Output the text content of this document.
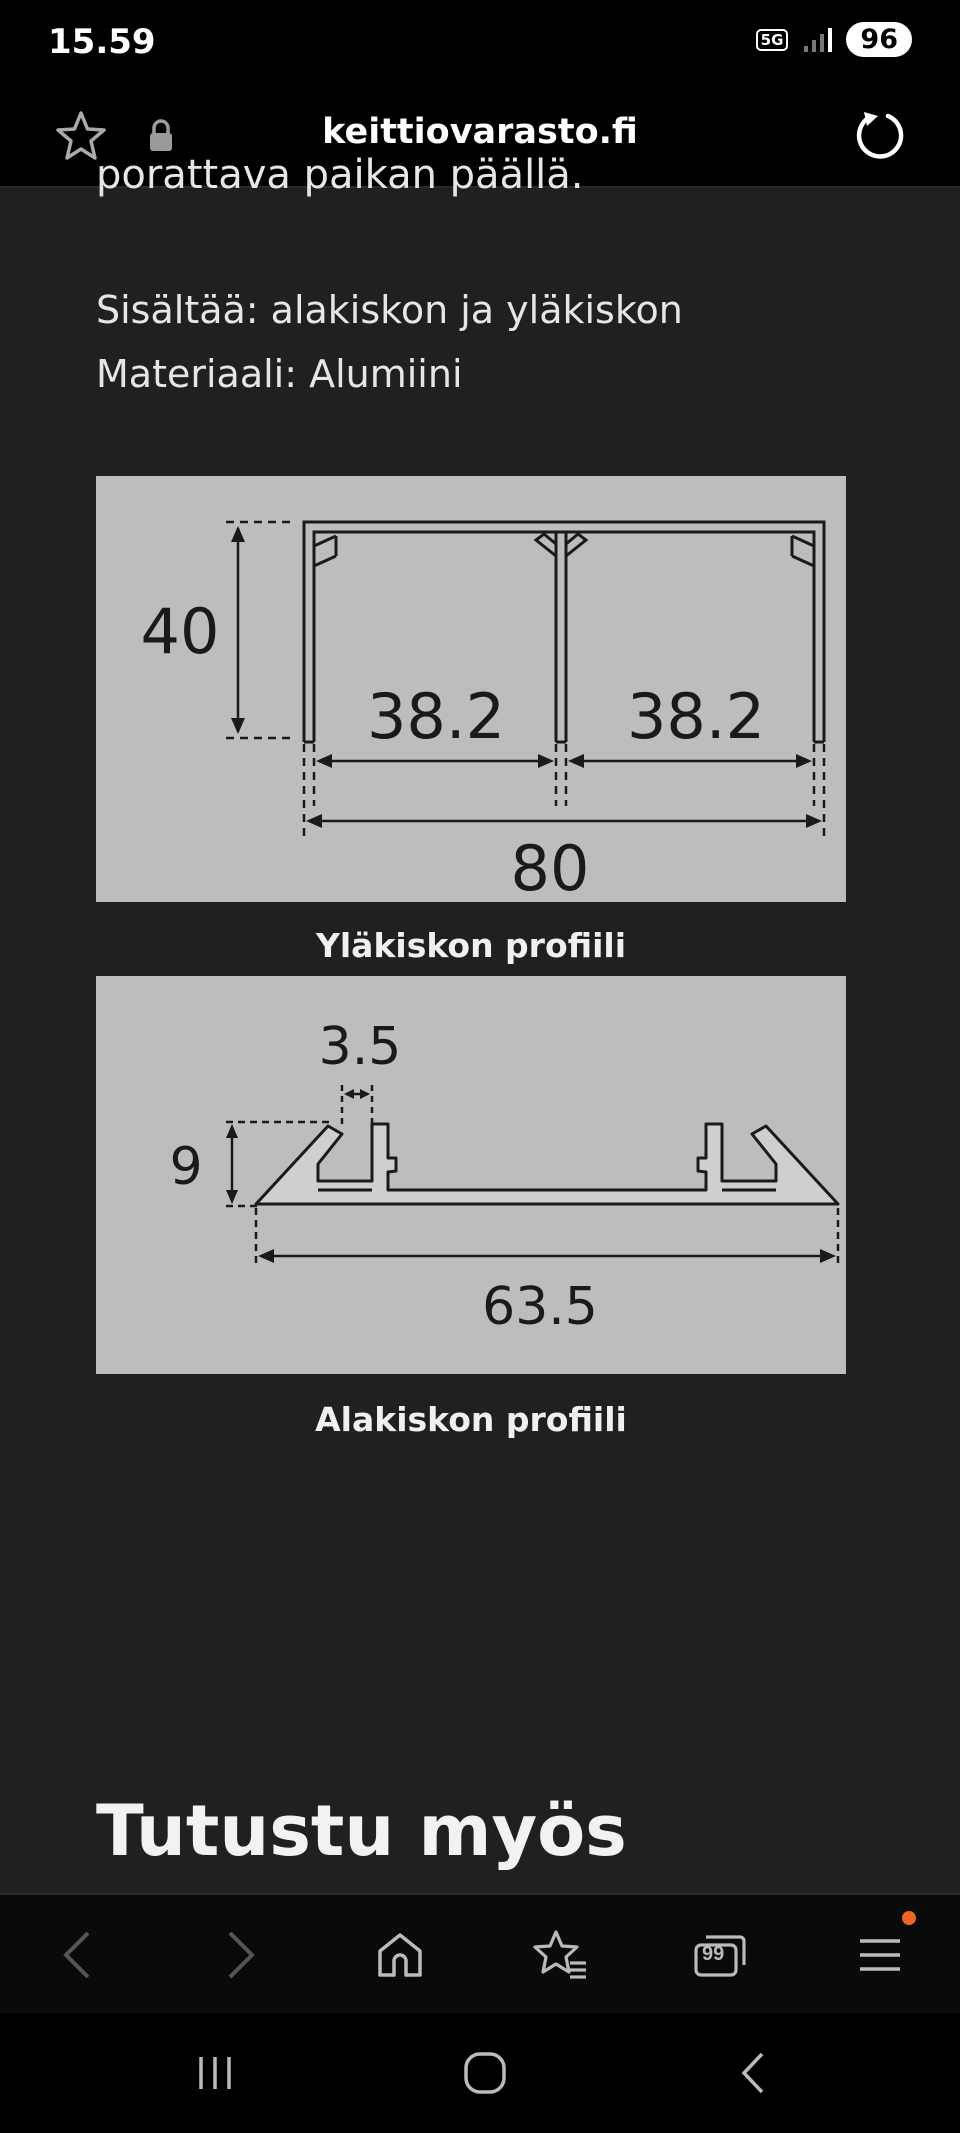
15.59	5G	96
keittiovarasto.fi
porattava paikan päällä.
Sisältää: alakiskon ja yläkiskon
Materiaali: Alumiini
40
38.2 38.2
80
Yläkiskon profiili
3.5
9
63.5
Alakiskon profiili
Tutustu myös
99
